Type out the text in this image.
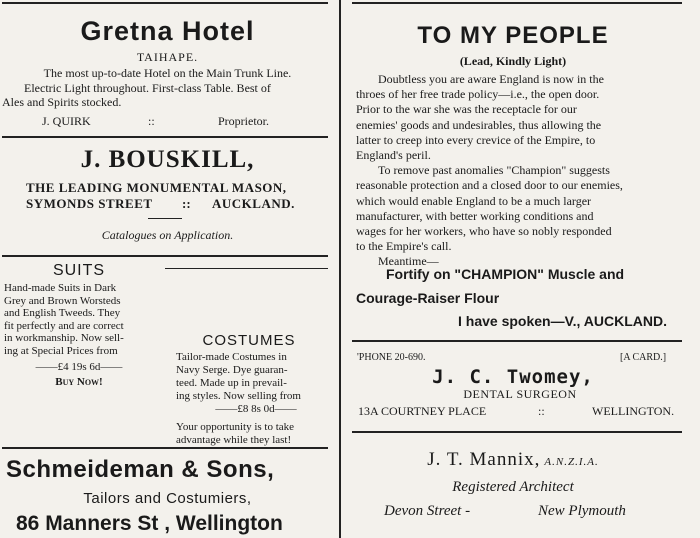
Gretna Hotel
TAIHAPE.
The most up-to-date Hotel on the Main Trunk Line.
Electric Light throughout. First-class Table. Best of
Ales and Spirits stocked.
J. QUIRK	::	Proprietor.
J. BOUSKILL,
THE LEADING MONUMENTAL MASON,
SYMONDS STREET :: AUCKLAND.
Catalogues on Application.
SUITS
Hand-made Suits in Dark
Grey and Brown Worsteds
and English Tweeds. They
fit perfectly and are correct
in workmanship. Now sell-
ing at Special Prices from
——£4 19s 6d——
Buy Now!
COSTUMES
Tailor-made Costumes in
Navy Serge. Dye guaran-
teed. Made up in prevail-
ing styles. Now selling from
——£8 8s 0d——
Your opportunity is to take
advantage while they last!
Schmeideman & Sons,
Tailors and Costumiers,
86 Manners St , Wellington
TO MY PEOPLE
(Lead, Kindly Light)
Doubtless you are aware England is now in the
throes of her free trade policy—i.e., the open door.
Prior to the war she was the receptacle for our
enemies' goods and undesirables, thus allowing the
latter to creep into every crevice of the Empire, to
England's peril.
To remove past anomalies "Champion" suggests
reasonable protection and a closed door to our enemies,
which would enable England to be a much larger
manufacturer, with better working conditions and
wages for her workers, who have so nobly responded
to the Empire's call.
Meantime—
Fortify on "CHAMPION" Muscle and
Courage-Raiser Flour
I have spoken—V., AUCKLAND.
'PHONE 20-690.	[A CARD.]
J. C. Twomey,
DENTAL SURGEON
13A COURTNEY PLACE	::	WELLINGTON.
J. T. Mannix, A.N.Z.I.A.
Registered Architect
Devon Street -	New Plymouth
